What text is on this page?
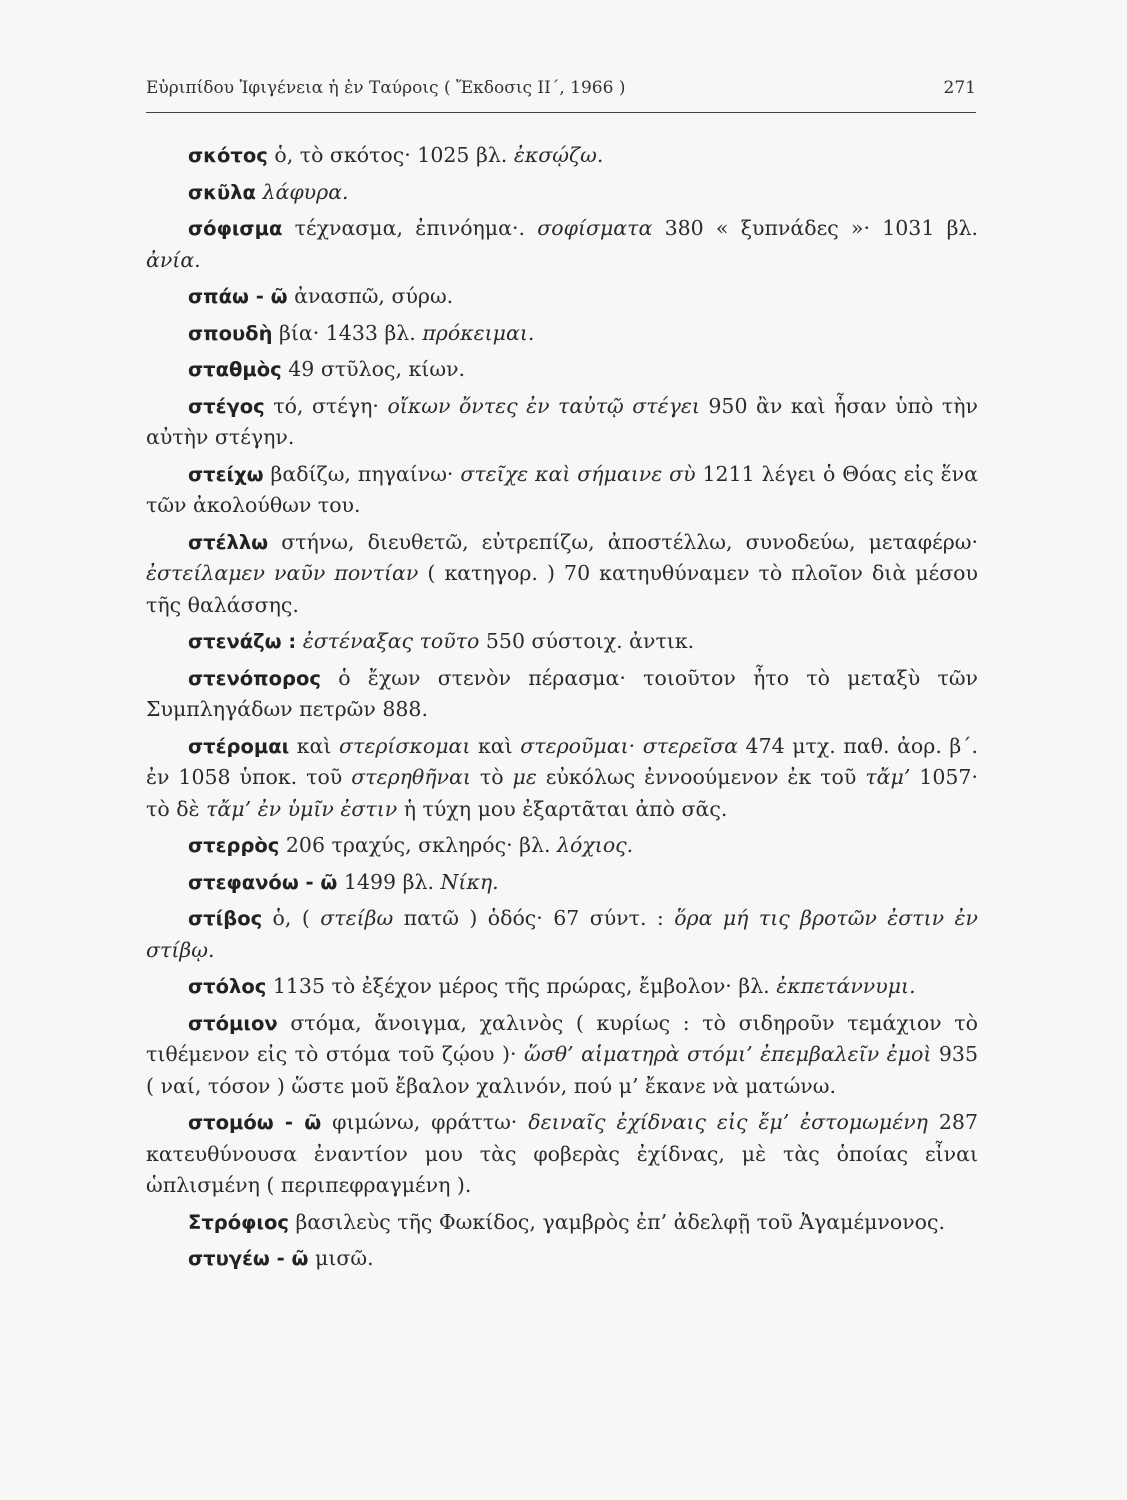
Εὐριπίδου Ἰφιγένεια ἡ ἐν Ταύροις ( Ἔκδοσις ΙΙ´, 1966 )	271

σκότος ὁ, τὸ σκότος· 1025 βλ. ἐκσῴζω.

σκῦλα λάφυρα.

σόφισμα τέχνασμα, ἐπινόημα·. σοφίσματα 380 « ξυπνάδες »· 1031 βλ. ἀνία.

σπάω - ῶ ἀνασπῶ, σύρω.

σπουδὴ βία· 1433 βλ. πρόκειμαι.

σταθμὸς 49 στῦλος, κίων.

στέγος τό, στέγη· οἴκων ὄντες ἐν ταὐτῷ στέγει 950 ἂν καὶ ἦσαν ὑπὸ τὴν αὐτὴν στέγην.

στείχω βαδίζω, πηγαίνω· στεῖχε καὶ σήμαινε σὺ 1211 λέγει ὁ Θόας εἰς ἕνα τῶν ἀκολούθων του.

στέλλω στήνω, διευθετῶ, εὐτρεπίζω, ἀποστέλλω, συνοδεύω, μεταφέρω· ἐστείλαμεν ναῦν ποντίαν ( κατηγορ. ) 70 κατηυθύναμεν τὸ πλοῖον διὰ μέσου τῆς θαλάσσης.

στενάζω : ἐστέναξας τοῦτο 550 σύστοιχ. ἀντικ.

στενόπορος ὁ ἔχων στενὸν πέρασμα· τοιοῦτον ἦτο τὸ μεταξὺ τῶν Συμπληγάδων πετρῶν 888.

στέρομαι καὶ στερίσκομαι καὶ στεροῦμαι· στερεῖσα 474 μτχ. παθ. ἀορ. β´. ἐν 1058 ὑποκ. τοῦ στερηθῆναι τὸ με εὐκόλως ἐννοούμενον ἐκ τοῦ τἄμ’ 1057· τὸ δὲ τἄμ’ ἐν ὑμῖν ἐστιν ἡ τύχη μου ἐξαρτᾶται ἀπὸ σᾶς.

στερρὸς 206 τραχύς, σκληρός· βλ. λόχιος.

στεφανόω - ῶ 1499 βλ. Νίκη.

στίβος ὁ, ( στείβω πατῶ ) ὁδός· 67 σύντ. : ὅρα μή τις βροτῶν ἐστιν ἐν στίβῳ.

στόλος 1135 τὸ ἐξέχον μέρος τῆς πρώρας, ἔμβολον· βλ. ἐκπετάννυμι.

στόμιον στόμα, ἄνοιγμα, χαλινὸς ( κυρίως : τὸ σιδηροῦν τεμάχιον τὸ τιθέμενον εἰς τὸ στόμα τοῦ ζῴου )· ὥσθ’ αἱματηρὰ στόμι’ ἐπεμβαλεῖν ἐμοὶ 935 ( ναί, τόσον ) ὥστε μοῦ ἔβαλον χαλινόν, πού μ’ ἔκανε νὰ ματώνω.

στομόω - ῶ φιμώνω, φράττω· δειναῖς ἐχίδναις εἰς ἔμ’ ἐστομωμένη 287 κατευθύνουσα ἐναντίον μου τὰς φοβερὰς ἐχίδνας, μὲ τὰς ὁποίας εἶναι ὡπλισμένη ( περιπεφραγμένη ).

Στρόφιος βασιλεὺς τῆς Φωκίδος, γαμβρὸς ἐπ’ ἀδελφῇ τοῦ Ἀγαμέμνονος.

στυγέω - ῶ μισῶ.
